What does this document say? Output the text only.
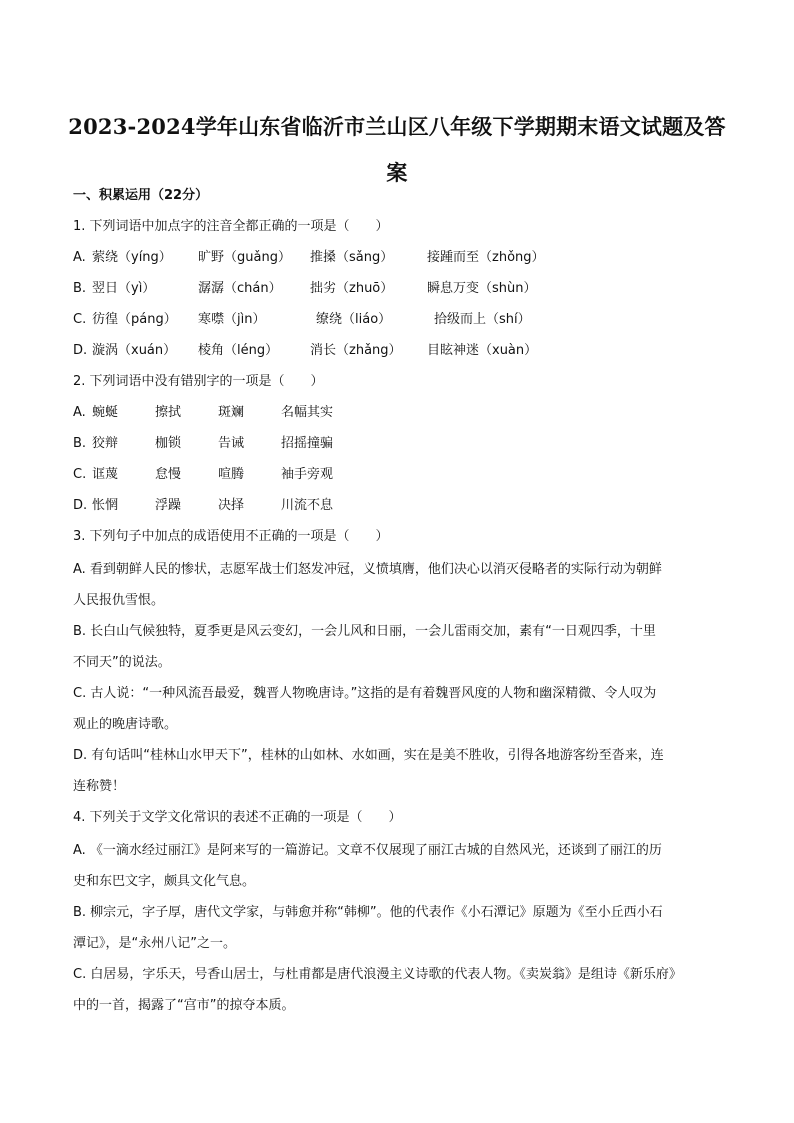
2023-2024学年山东省临沂市兰山区八年级下学期期末语文试题及答案
一、积累运用（22分）
1. 下列词语中加点字的注音全都正确的一项是（　　）
A. 萦绕（yíng） 旷野（guǎng） 推搡（sǎng）	接踵而至（zhǒng）
B. 翌日（yì）	潺潺（chán） 拙劣（zhuō）	瞬息万变（shùn）
C. 彷徨（páng） 寒噤（jìn）	缭绕（liáo）	拾级而上（shí）
D. 漩涡（xuán） 棱角（léng） 消长（zhǎng） 目眩神迷（xuàn）
2. 下列词语中没有错别字的一项是（　　）
A. 蜿蜒	擦拭	斑斓	名幅其实
B. 狡辩	枷锁	告诫	招摇撞骗
C. 诓蔑	怠慢	喧腾	袖手旁观
D. 怅惘	浮躁	决择	川流不息
3. 下列句子中加点的成语使用不正确的一项是（　　）
A. 看到朝鲜人民的惨状，志愿军战士们怒发冲冠，义愤填膺，他们决心以消灭侵略者的实际行动为朝鲜
人民报仇雪恨。
B. 长白山气候独特，夏季更是风云变幻，一会儿风和日丽，一会儿雷雨交加，素有“一日观四季，十里
不同天”的说法。
C. 古人说：“一种风流吾最爱，魏晋人物晚唐诗。”这指的是有着魏晋风度的人物和幽深精微、令人叹为
观止的晚唐诗歌。
D. 有句话叫“桂林山水甲天下”，桂林的山如林、水如画，实在是美不胜收，引得各地游客纷至沓来，连
连称赞！
4. 下列关于文学文化常识的表述不正确的一项是（　　）
A. 《一滴水经过丽江》是阿来写的一篇游记。文章不仅展现了丽江古城的自然风光，还谈到了丽江的历
史和东巴文字，颇具文化气息。
B. 柳宗元，字子厚，唐代文学家，与韩愈并称“韩柳”。他的代表作《小石潭记》原题为《至小丘西小石
潭记》，是“永州八记”之一。
C. 白居易，字乐天，号香山居士，与杜甫都是唐代浪漫主义诗歌的代表人物。《卖炭翁》是组诗《新乐府》
中的一首，揭露了“宫市”的掠夺本质。
